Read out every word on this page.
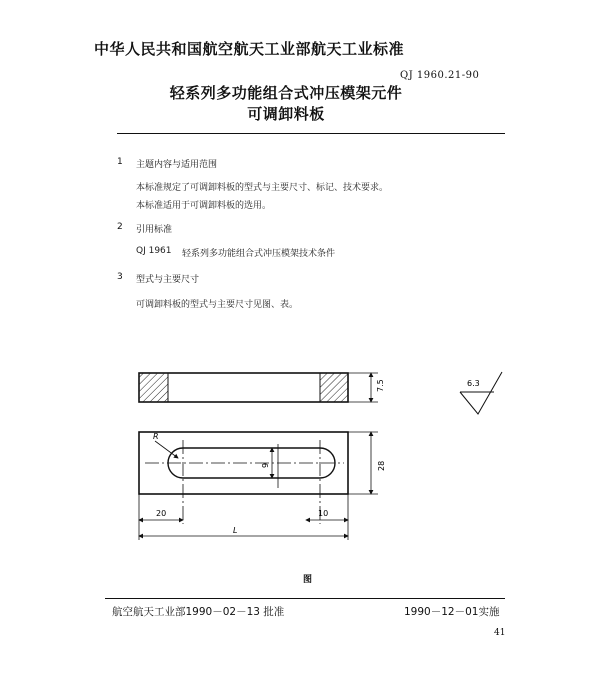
中华人民共和国航空航天工业部航天工业标准
QJ 1960.21-90
轻系列多功能组合式冲压模架元件
可调卸料板
1 主题内容与适用范围
本标准规定了可调卸料板的型式与主要尺寸、标记、技术要求。
本标准适用于可调卸料板的选用。
2 引用标准
QJ 1961 轻系列多功能组合式冲压模架技术条件
3 型式与主要尺寸
可调卸料板的型式与主要尺寸见图、表。
7.5	6.3
R
9	28
20	10
L
图
航空航天工业部1990－02－13 批准	1990－12－01实施
41
